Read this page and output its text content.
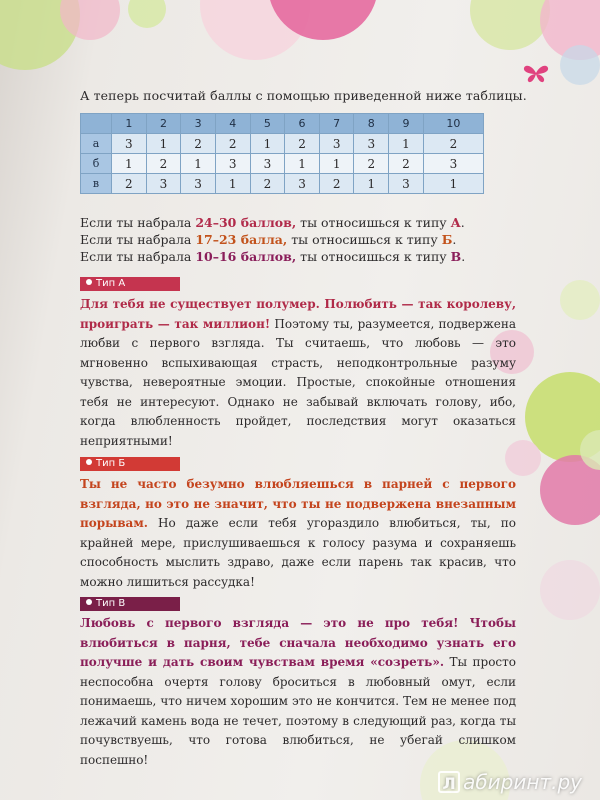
А теперь посчитай баллы с помощью приведенной ниже таблицы.
	1	2	3	4	5	6	7	8	9	10
а	3	1	2	2	1	2	3	3	1	2
б	1	2	1	3	3	1	1	2	2	3
в	2	3	3	1	2	3	2	1	3	1
Если ты набрала 24–30 баллов, ты относишься к типу А.
Если ты набрала 17–23 балла, ты относишься к типу Б.
Если ты набрала 10–16 баллов, ты относишься к типу В.
Тип А
Для тебя не существует полумер. Полюбить — так королеву, проиграть — так миллион! Поэтому ты, разумеется, подвержена любви с первого взгляда. Ты считаешь, что любовь — это мгновенно вспыхивающая страсть, неподконтрольные разуму чувства, невероятные эмоции. Простые, спокойные отношения тебя не интересуют. Однако не забывай включать голову, ибо, когда влюбленность пройдет, последствия могут оказаться неприятными!
Тип Б
Ты не часто безумно влюбляешься в парней с первого взгляда, но это не значит, что ты не подвержена внезапным порывам. Но даже если тебя угораздило влюбиться, ты, по крайней мере, прислушиваешься к голосу разума и сохраняешь способность мыслить здраво, даже если парень так красив, что можно лишиться рассудка!
Тип В
Любовь с первого взгляда — это не про тебя! Чтобы влюбиться в парня, тебе сначала необходимо узнать его получше и дать своим чувствам время «созреть». Ты просто неспособна очертя голову броситься в любовный омут, если понимаешь, что ничем хорошим это не кончится. Тем не менее под лежачий камень вода не течет, поэтому в следующий раз, когда ты почувствуешь, что готова влюбиться, не убегай слишком поспешно!
Л абиринт.ру
